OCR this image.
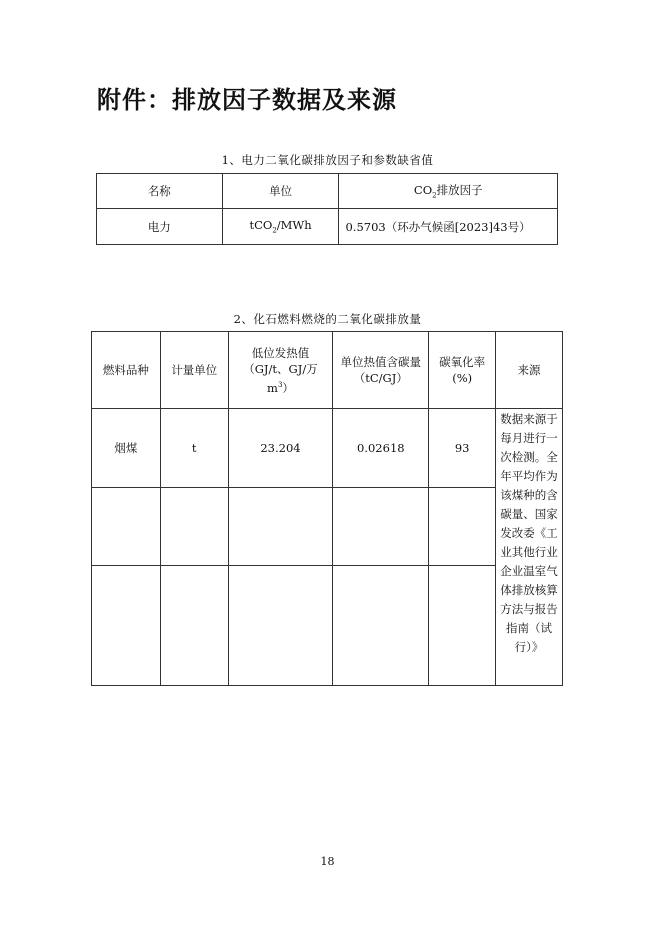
附件：排放因子数据及来源
1、电力二氧化碳排放因子和参数缺省值
名称	单位	$CO_2$排放因子
电力	tCO$_2$/MWh	0.5703（环办气候函[2023]43号）
2、化石燃料燃烧的二氧化碳排放量
燃料品种	计量单位	低位发热值（GJ/t、GJ/万$m^3$）	单位热值含碳量（tC/GJ）	碳氧化率(%)	来源
烟煤	t	23.204	0.02618	93	数据来源于每月进行一次检测。全年平均作为该煤种的含碳量、国家发改委《工业其他行业企业温室气体排放核算方法与报告指南（试行）》

18
